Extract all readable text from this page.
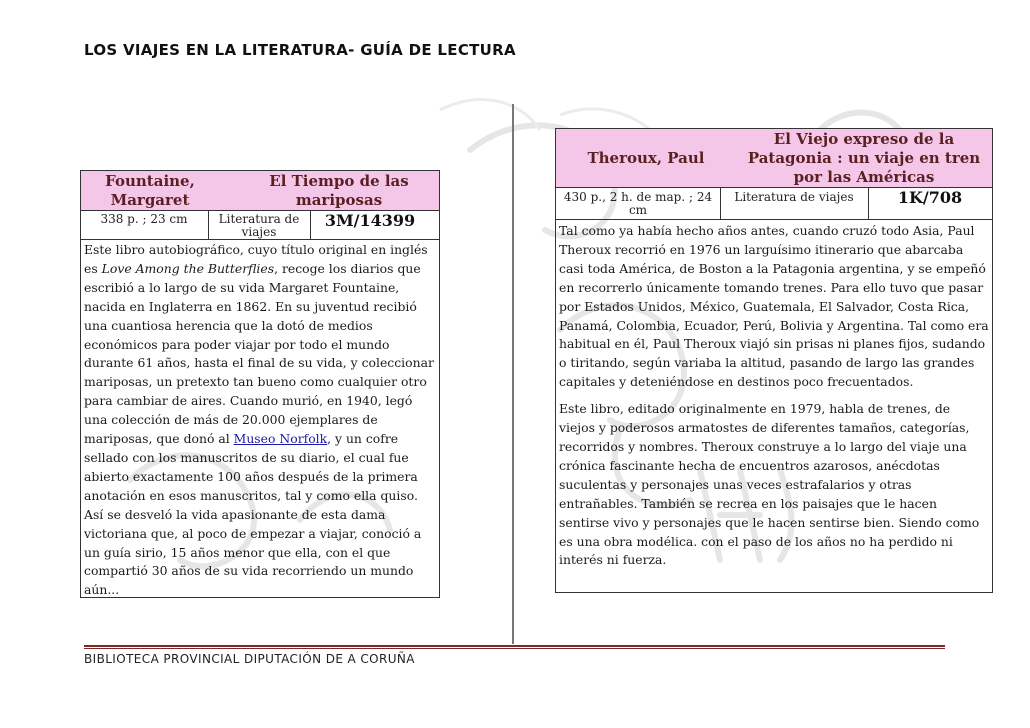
LOS VIAJES EN LA LITERATURA- GUÍA DE LECTURA
Fountaine, Margaret
El Tiempo de las mariposas
338 p. ; 23 cm	Literatura de viajes
3M/14399
Este libro autobiográfico, cuyo título original en inglés es Love Among the Butterflies, recoge los diarios que escribió a lo largo de su vida Margaret Fountaine, nacida en Inglaterra en 1862. En su juventud recibió una cuantiosa herencia que la dotó de medios económicos para poder viajar por todo el mundo durante 61 años, hasta el final de su vida, y coleccionar mariposas, un pretexto tan bueno como cualquier otro para cambiar de aires. Cuando murió, en 1940, legó una colección de más de 20.000 ejemplares de mariposas, que donó al Museo Norfolk, y un cofre sellado con los manuscritos de su diario, el cual fue abierto exactamente 100 años después de la primera anotación en esos manuscritos, tal y como ella quiso. Así se desveló la vida apasionante de esta dama victoriana que, al poco de empezar a viajar, conoció a un guía sirio, 15 años menor que ella, con el que compartió 30 años de su vida recorriendo un mundo aún...
Theroux, Paul
El Viejo expreso de la Patagonia : un viaje en tren por las Américas
430 p., 2 h. de map. ; 24 cm
Literatura de viajes	1K/708

Tal como ya había hecho años antes, cuando cruzó todo Asia, Paul Theroux recorrió en 1976 un larguísimo itinerario que abarcaba casi toda América, de Boston a la Patagonia argentina, y se empeñó en recorrerlo únicamente tomando trenes. Para ello tuvo que pasar por Estados Unidos, México, Guatemala, El Salvador, Costa Rica, Panamá, Colombia, Ecuador, Perú, Bolivia y Argentina. Tal como era habitual en él, Paul Theroux viajó sin prisas ni planes fijos, sudando o tiritando, según variaba la altitud, pasando de largo las grandes capitales y deteniéndose en destinos poco frecuentados.

Este libro, editado originalmente en 1979, habla de trenes, de viejos y poderosos armatostes de diferentes tamaños, categorías, recorridos y nombres. Theroux construye a lo largo del viaje una crónica fascinante hecha de encuentros azarosos, anécdotas suculentas y personajes unas veces estrafalarios y otras entrañables. También se recrea en los paisajes que le hacen sentirse vivo y personajes que le hacen sentirse bien. Siendo como es una obra modélica. con el paso de los años no ha perdido ni interés ni fuerza.

BIBLIOTECA PROVINCIAL DIPUTACIÓN DE A CORUÑA
